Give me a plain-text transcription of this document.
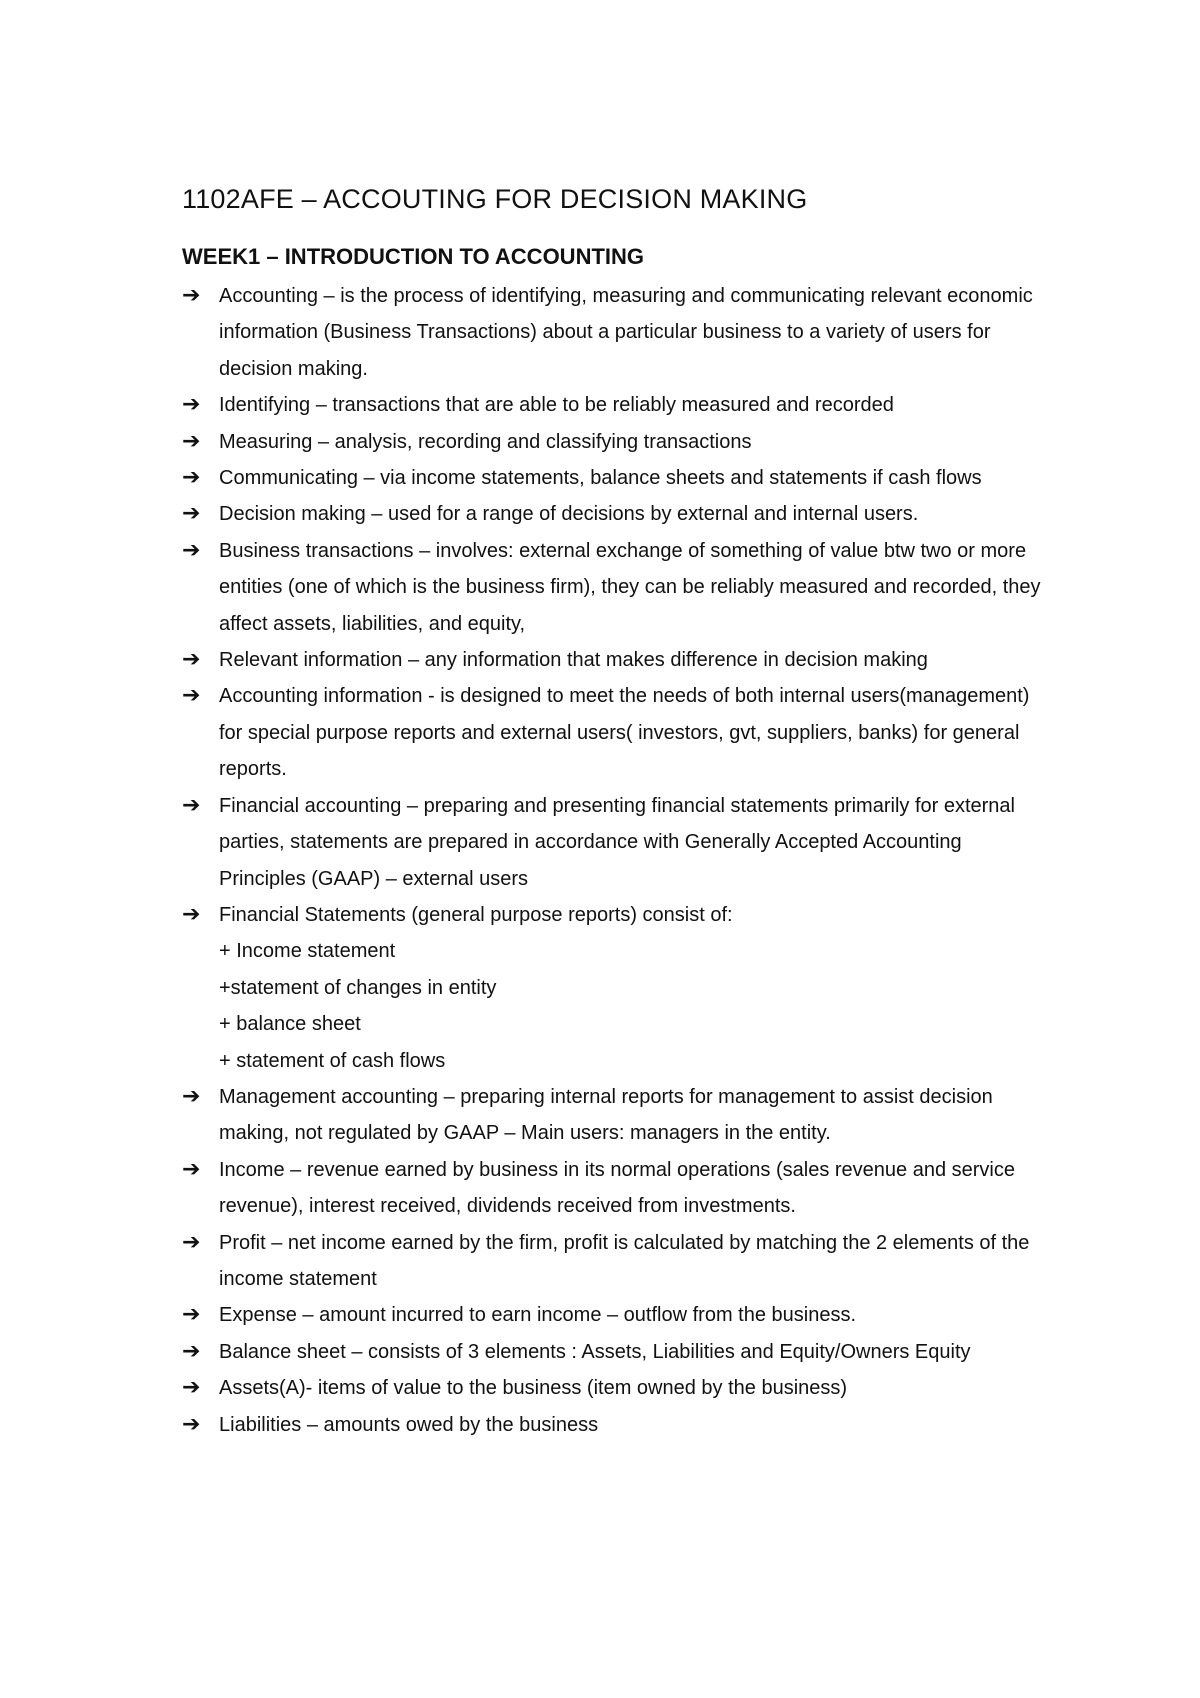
1102AFE – ACCOUTING FOR DECISION MAKING
WEEK1 – INTRODUCTION TO ACCOUNTING
➔ Accounting – is the process of identifying, measuring and communicating relevant economic information (Business Transactions) about a particular business to a variety of users for decision making.
➔ Identifying – transactions that are able to be reliably measured and recorded
➔ Measuring – analysis, recording and classifying transactions
➔ Communicating – via income statements, balance sheets and statements if cash flows
➔ Decision making – used for a range of decisions by external and internal users.
➔ Business transactions – involves: external exchange of something of value btw two or more entities (one of which is the business firm), they can be reliably measured and recorded, they affect assets, liabilities, and equity,
➔ Relevant information – any information that makes difference in decision making
➔ Accounting information - is designed to meet the needs of both internal users(management) for special purpose reports and external users( investors, gvt, suppliers, banks) for general reports.
➔ Financial accounting – preparing and presenting financial statements primarily for external parties, statements are prepared in accordance with Generally Accepted Accounting Principles (GAAP) – external users
➔ Financial Statements (general purpose reports) consist of:
+ Income statement
+statement of changes in entity
+ balance sheet
+ statement of cash flows
➔ Management accounting – preparing internal reports for management to assist decision making, not regulated by GAAP – Main users: managers in the entity.
➔ Income – revenue earned by business in its normal operations (sales revenue and service revenue), interest received, dividends received from investments.
➔ Profit – net income earned by the firm, profit is calculated by matching the 2 elements of the income statement
➔ Expense – amount incurred to earn income – outflow from the business.
➔ Balance sheet – consists of 3 elements : Assets, Liabilities and Equity/Owners Equity
➔ Assets(A)- items of value to the business (item owned by the business)
➔ Liabilities – amounts owed by the business
